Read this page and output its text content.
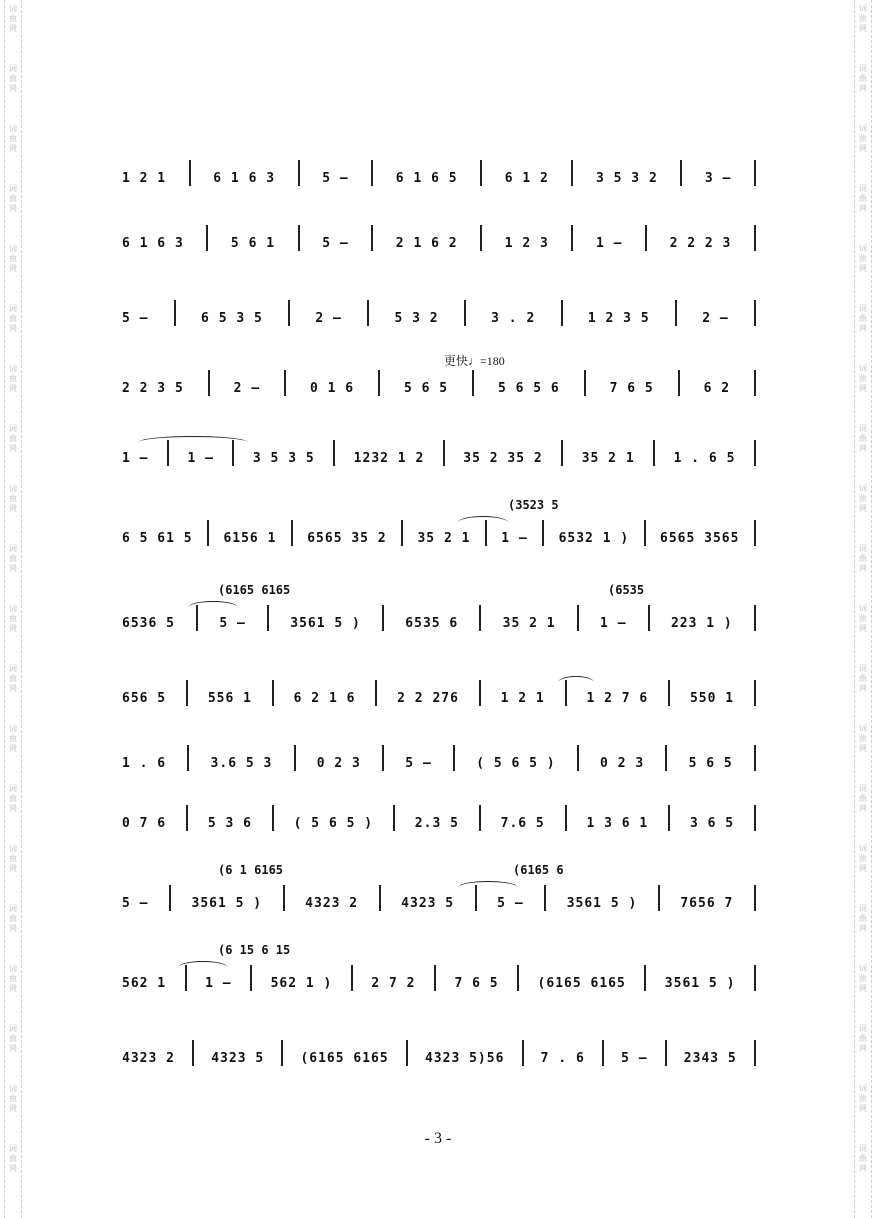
词
曲
网
词
曲
网
词
曲
网
词
曲
网
词
曲
网
词
曲
网
词
曲
网
词
曲
网
词
曲
网
词
曲
网
词
曲
网
词
曲
网
词
曲
网
词
曲
网
词
曲
网
词
曲
网
词
曲
网
词
曲
网
词
曲
网
词
曲
网
词
曲
网
词
曲
网
词
曲
网
词
曲
网
词
曲
网
词
曲
网
词
曲
网
词
曲
网
词
曲
网
词
曲
网
词
曲
网
词
曲
网
词
曲
网
词
曲
网
词
曲
网
词
曲
网
词
曲
网
词
曲
网
词
曲
网
词
曲
网
更快♩=180
1 2 1	6 1 6 3	5 —	6 1 6 5	6 1 2	3 5 3 2	3 —
6 1 6 3	5 6 1	5 —	2 1 6 2	1 2 3	1 —	2 2 2 3
5 —	6 5 3 5	2 —	5 3 2	3 . 2	1 2 3 5	2 —
2 2 3 5	2 —	0 1 6	5 6 5	5 6 5 6	7 6 5	6 2
1 —	1 —	3 5 3 5	1232 1 2	35 2 35 2	35 2 1	1 . 6 5
(3523 5
6 5 61 5	6156 1	6565 35 2	35 2 1	1 —	6532 1 )	6565 3565
(6165 6165	(6535
6536 5	5 —	3561 5 )	6535 6	35 2 1	1 —	223 1 )
656 5	556 1	6 2 1 6	2 2 276	1 2 1	1 2 7 6	550 1
1 . 6	3.6 5 3	0 2 3	5 —	( 5 6 5 )	0 2 3	5 6 5
0 7 6	5 3 6	( 5 6 5 )	2.3 5	7.6 5	1 3 6 1	3 6 5
(6 1 6165	(6165 6
5 —	3561 5 )	4323 2	4323 5	5 —	3561 5 )	7656 7
(6 15 6 15
562 1	1 —	562 1 )	2 7 2	7 6 5	(6165 6165	3561 5 )
4323 2	4323 5	(6165 6165	4323 5)56	7 . 6	5 —	2343 5
- 3 -
